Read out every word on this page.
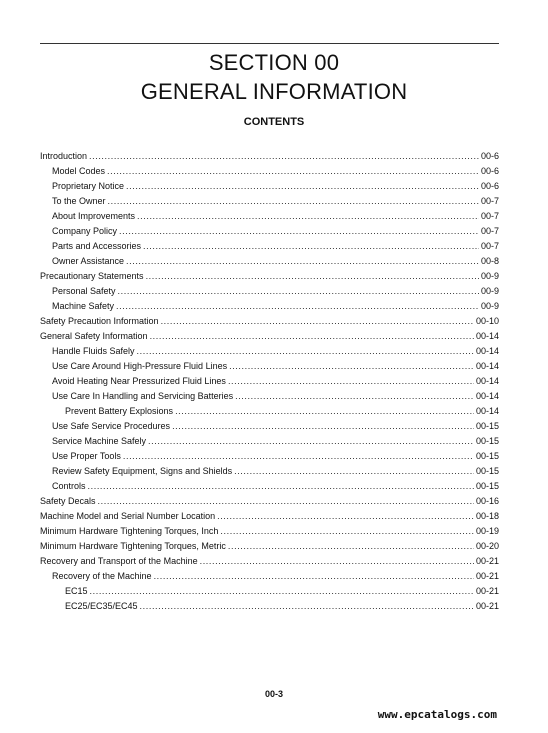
SECTION 00
GENERAL INFORMATION
CONTENTS
Introduction .....	00-6
Model Codes .....	00-6
Proprietary Notice .....	00-6
To the Owner .....	00-7
About Improvements .....	00-7
Company Policy .....	00-7
Parts and Accessories .....	00-7
Owner Assistance .....	00-8
Precautionary Statements .....	00-9
Personal Safety .....	00-9
Machine Safety .....	00-9
Safety Precaution Information .....	00-10
General Safety Information .....	00-14
Handle Fluids Safely .....	00-14
Use Care Around High-Pressure Fluid Lines .....	00-14
Avoid Heating Near Pressurized Fluid Lines .....	00-14
Use Care In Handling and Servicing Batteries .....	00-14
Prevent Battery Explosions .....	00-14
Use Safe Service Procedures .....	00-15
Service Machine Safely .....	00-15
Use Proper Tools .....	00-15
Review Safety Equipment, Signs and Shields .....	00-15
Controls .....	00-15
Safety Decals .....	00-16
Machine Model and Serial Number Location .....	00-18
Minimum Hardware Tightening Torques, Inch .....	00-19
Minimum Hardware Tightening Torques, Metric .....	00-20
Recovery and Transport of the Machine .....	00-21
Recovery of the Machine .....	00-21
EC15 .....	00-21
EC25/EC35/EC45 .....	00-21
00-3
www.epcatalogs.com
